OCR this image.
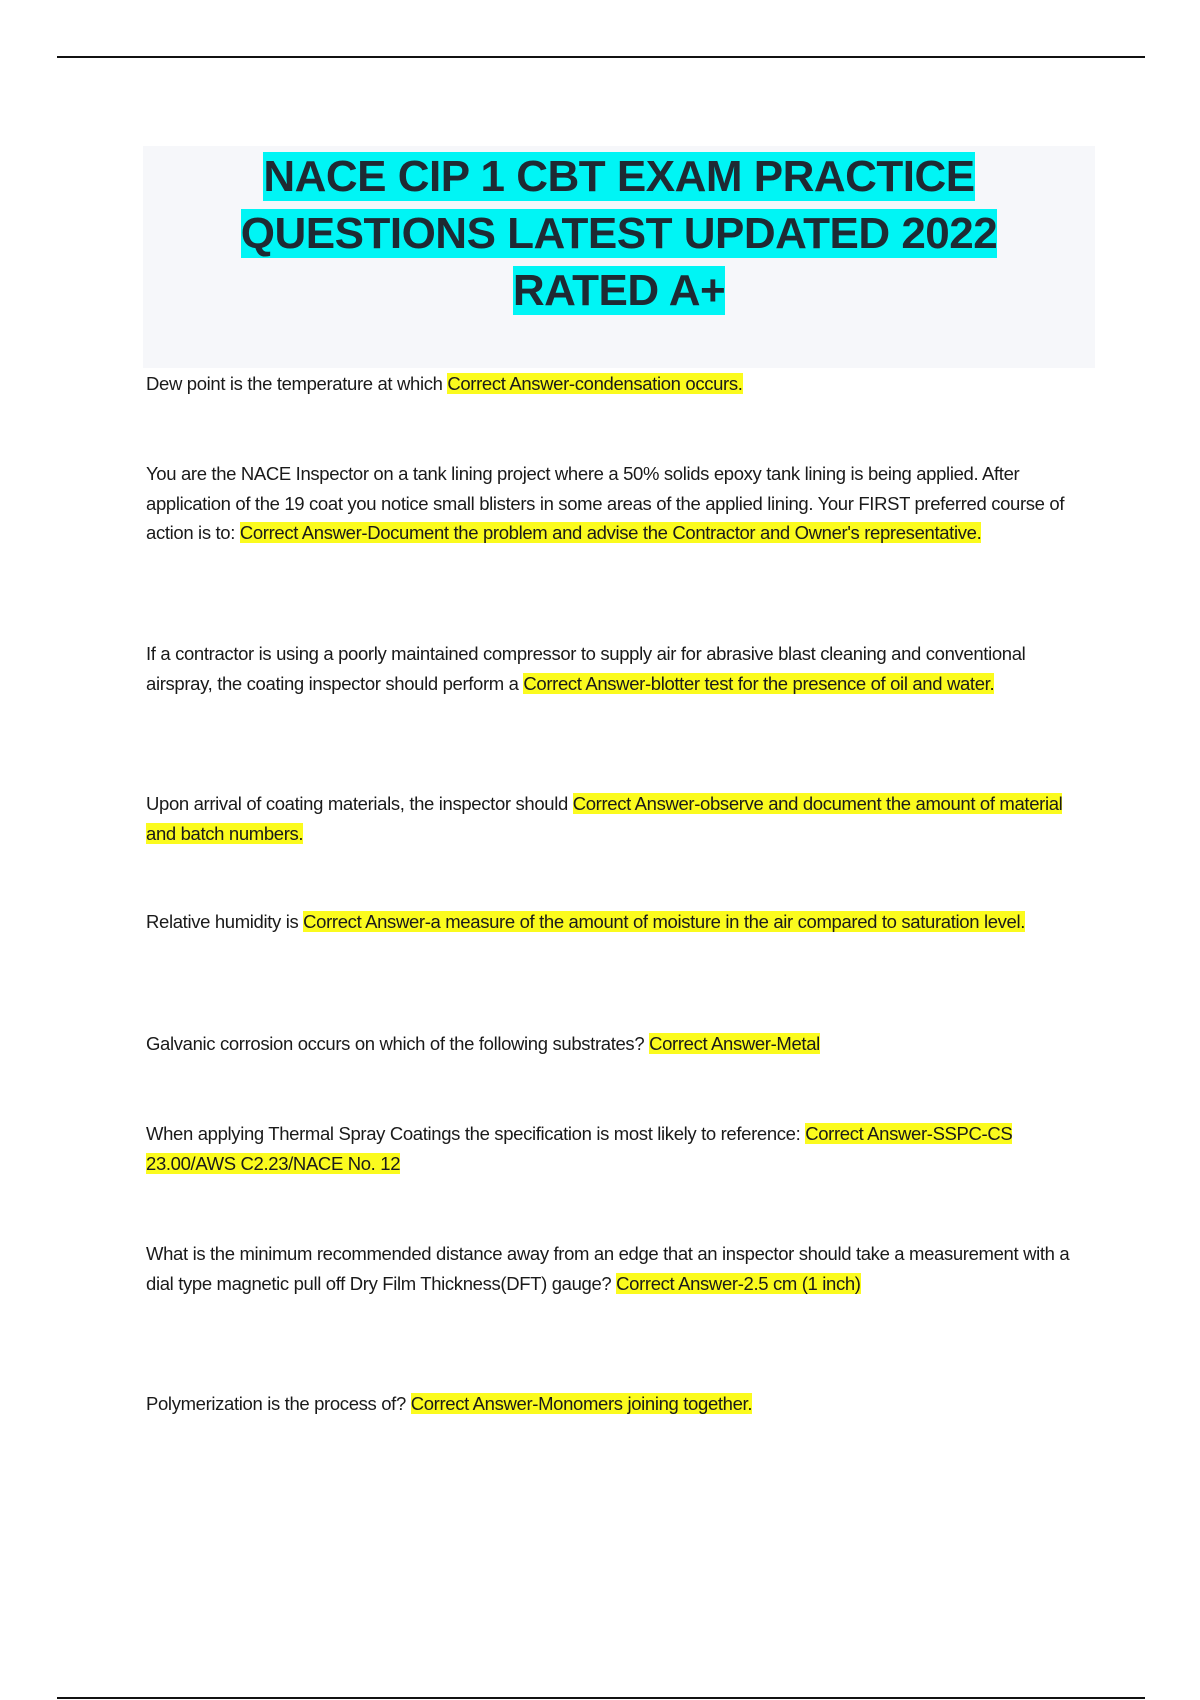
NACE CIP 1 CBT EXAM PRACTICE QUESTIONS LATEST UPDATED 2022 RATED A+

Dew point is the temperature at which Correct Answer-condensation occurs.

You are the NACE Inspector on a tank lining project where a 50% solids epoxy tank lining is being applied. After application of the 19 coat you notice small blisters in some areas of the applied lining. Your FIRST preferred course of action is to: Correct Answer-Document the problem and advise the Contractor and Owner's representative.

If a contractor is using a poorly maintained compressor to supply air for abrasive blast cleaning and conventional airspray, the coating inspector should perform a Correct Answer-blotter test for the presence of oil and water.

Upon arrival of coating materials, the inspector should Correct Answer-observe and document the amount of material and batch numbers.

Relative humidity is Correct Answer-a measure of the amount of moisture in the air compared to saturation level.

Galvanic corrosion occurs on which of the following substrates? Correct Answer-Metal

When applying Thermal Spray Coatings the specification is most likely to reference: Correct Answer-SSPC-CS 23.00/AWS C2.23/NACE No. 12

What is the minimum recommended distance away from an edge that an inspector should take a measurement with a dial type magnetic pull off Dry Film Thickness(DFT) gauge? Correct Answer-2.5 cm (1 inch)

Polymerization is the process of? Correct Answer-Monomers joining together.
